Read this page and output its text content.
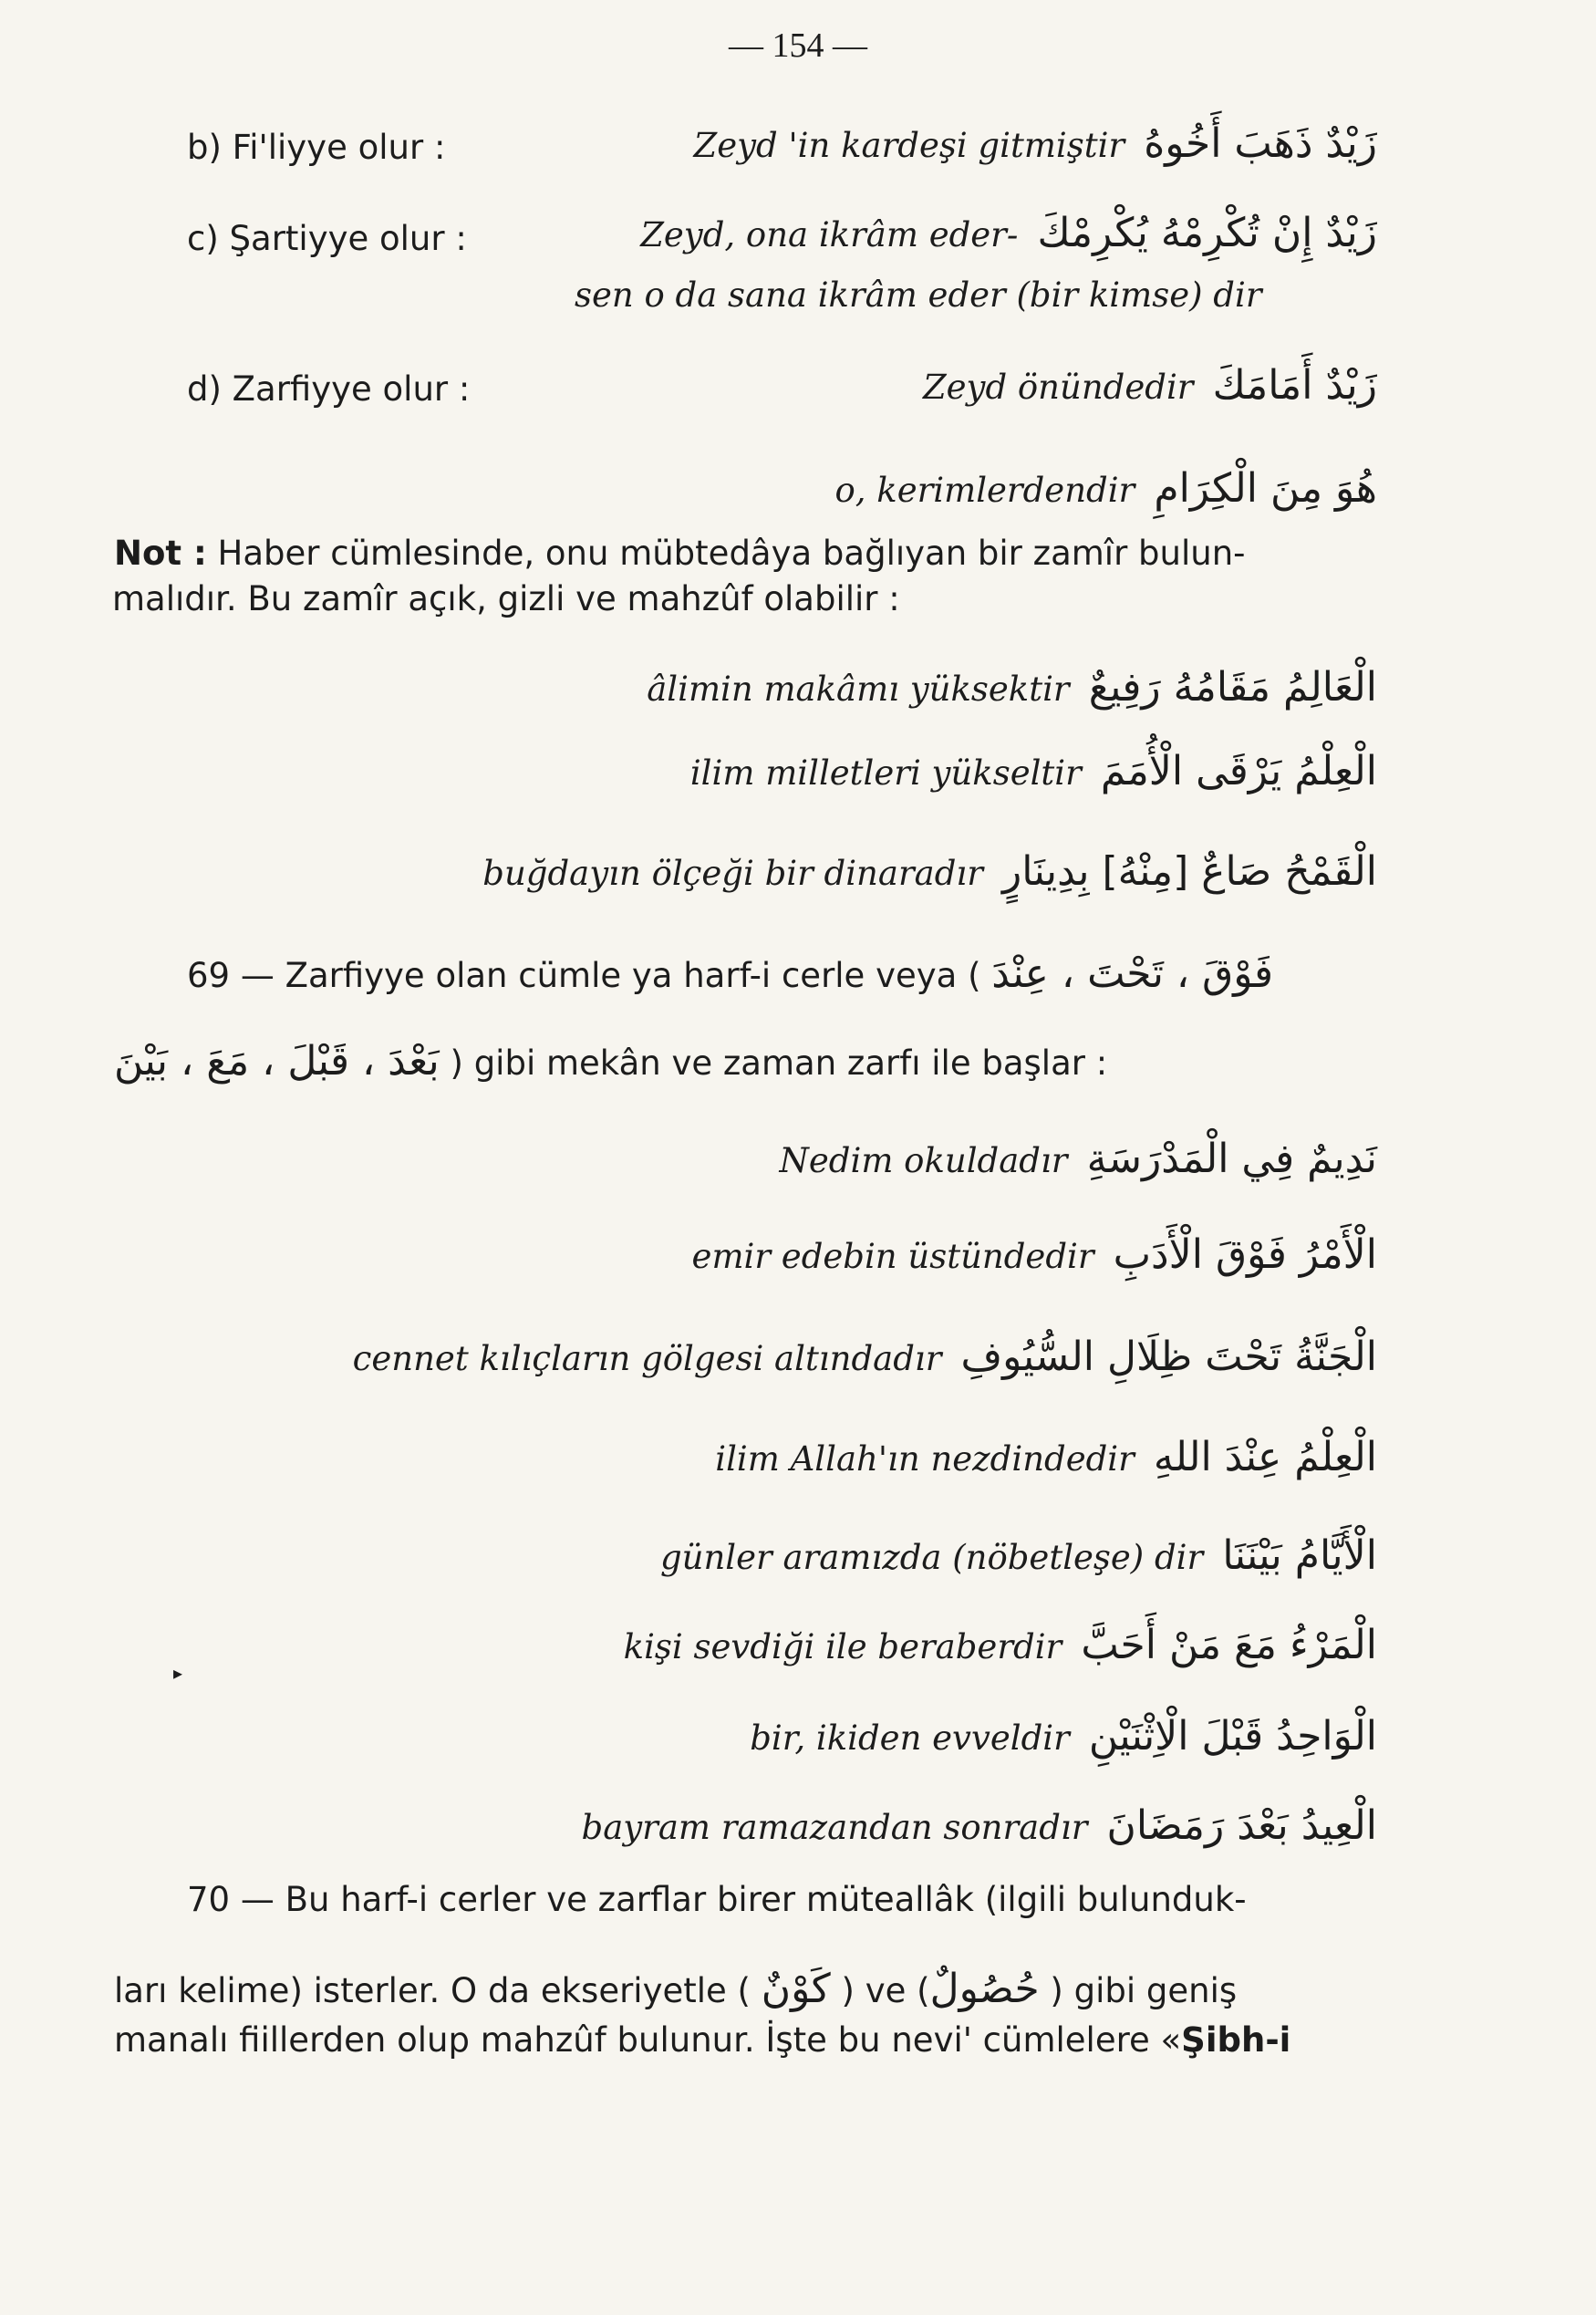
— 154 —
b) Fi'liyye olur :	Zeyd 'in kardeşi gitmiştir زَيْدٌ ذَهَبَ أَخُوهُ
c) Şartiyye olur :	Zeyd, ona ikrâm eder- زَيْدٌ إِنْ تُكْرِمْهُ يُكْرِمْكَ
sen o da sana ikrâm eder (bir kimse) dir
d) Zarfiyye olur :	Zeyd önündedir زَيْدٌ أَمَامَكَ
o, kerimlerdendir هُوَ مِنَ الْكِرَامِ
Not : Haber cümlesinde, onu mübtedâya bağlıyan bir zamîr bulun-
malıdır. Bu zamîr açık, gizli ve mahzûf olabilir :
âlimin makâmı yüksektir الْعَالِمُ مَقَامُهُ رَفِيعٌ
ilim milletleri yükseltir الْعِلْمُ يَرْقَى الْأُمَمَ
buğdayın ölçeği bir dinaradır الْقَمْحُ صَاعٌ [مِنْهُ] بِدِينَارٍ
69 — Zarfiyye olan cümle ya harf-i cerle veya ( فَوْقَ ، تَحْتَ ، عِنْدَ
بَعْدَ ، قَبْلَ ، مَعَ ، بَيْنَ ) gibi mekân ve zaman zarfı ile başlar :
Nedim okuldadır نَدِيمٌ فِي الْمَدْرَسَةِ
emir edebin üstündedir الْأَمْرُ فَوْقَ الْأَدَبِ
cennet kılıçların gölgesi altındadır الْجَنَّةُ تَحْتَ ظِلَالِ السُّيُوفِ
ilim Allah'ın nezdindedir الْعِلْمُ عِنْدَ اللهِ
günler aramızda (nöbetleşe) dir الْأَيَّامُ بَيْنَنَا
kişi sevdiği ile beraberdir الْمَرْءُ مَعَ مَنْ أَحَبَّ
bir, ikiden evveldir الْوَاحِدُ قَبْلَ الْاِثْنَيْنِ
bayram ramazandan sonradır الْعِيدُ بَعْدَ رَمَضَانَ
▸
70 — Bu harf-i cerler ve zarflar birer müteallâk (ilgili bulunduk-
ları kelime) isterler. O da ekseriyetle ( كَوْنٌ ) ve (حُصُولٌ ) gibi geniş
manalı fiillerden olup mahzûf bulunur. İşte bu nevi' cümlelere «Şibh-i
